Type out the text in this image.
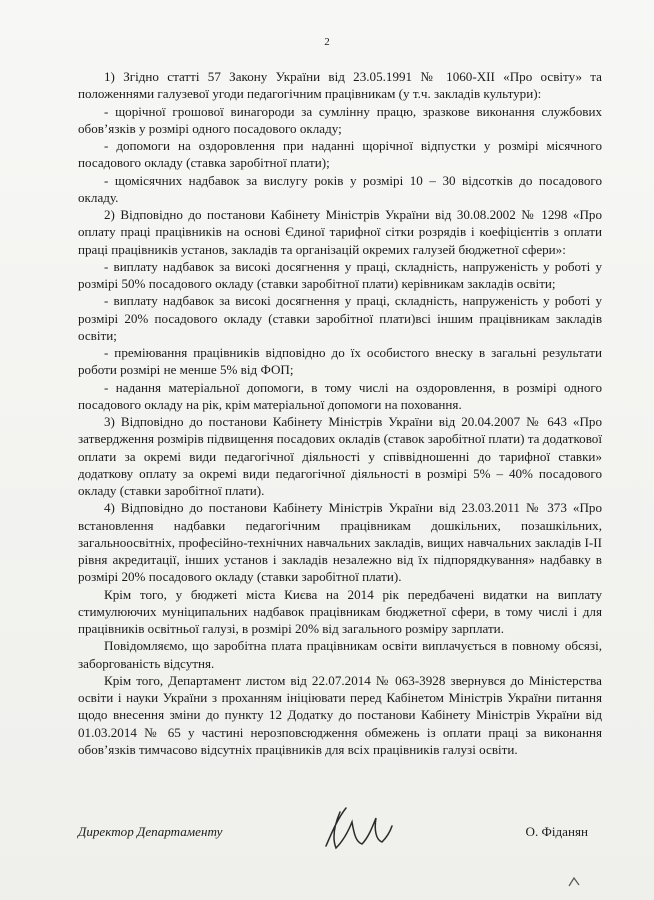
2

1) Згідно статті 57 Закону України від 23.05.1991 № 1060-ХІІ «Про освіту» та положеннями галузевої угоди педагогічним працівникам (у т.ч. закладів культури):

- щорічної грошової винагороди за сумлінну працю, зразкове виконання службових обов’язків у розмірі одного посадового окладу;

- допомоги на оздоровлення при наданні щорічної відпустки у розмірі місячного посадового окладу (ставка заробітної плати);

- щомісячних надбавок за вислугу років у розмірі 10 – 30 відсотків до посадового окладу.

2) Відповідно до постанови Кабінету Міністрів України від 30.08.2002 № 1298 «Про оплату праці працівників на основі Єдиної тарифної сітки розрядів і коефіцієнтів з оплати праці працівників установ, закладів та організацій окремих галузей бюджетної сфери»:

- виплату надбавок за високі досягнення у праці, складність, напруженість у роботі у розмірі 50% посадового окладу (ставки заробітної плати) керівникам закладів освіти;

- виплату надбавок за високі досягнення у праці, складність, напруженість у роботі у розмірі 20% посадового окладу (ставки заробітної плати)всі іншим працівникам закладів освіти;

- преміювання працівників відповідно до їх особистого внеску в загальні результати роботи розмірі не менше 5% від ФОП;

- надання матеріальної допомоги, в тому числі на оздоровлення, в розмірі одного посадового окладу на рік, крім матеріальної допомоги на поховання.

3) Відповідно до постанови Кабінету Міністрів України від 20.04.2007 № 643 «Про затвердження розмірів підвищення посадових окладів (ставок заробітної плати) та додаткової оплати за окремі види педагогічної діяльності у співвідношенні до тарифної ставки» додаткову оплату за окремі види педагогічної діяльності в розмірі 5% – 40% посадового окладу (ставки заробітної плати).

4) Відповідно до постанови Кабінету Міністрів України від 23.03.2011 № 373 «Про встановлення надбавки педагогічним працівникам дошкільних, позашкільних, загальноосвітніх, професійно-технічних навчальних закладів, вищих навчальних закладів І-ІІ рівня акредитації, інших установ і закладів незалежно від їх підпорядкування» надбавку в розмірі 20% посадового окладу (ставки заробітної плати).

Крім того, у бюджеті міста Києва на 2014 рік передбачені видатки на виплату стимулюючих муніципальних надбавок працівникам бюджетної сфери, в тому числі і для працівників освітньої галузі, в розмірі 20% від загального розміру зарплати.

Повідомляємо, що заробітна плата працівникам освіти виплачується в повному обсязі, заборгованість відсутня.

Крім того, Департамент листом від 22.07.2014 № 063-3928 звернувся до Міністерства освіти і науки України з проханням ініціювати перед Кабінетом Міністрів України питання щодо внесення зміни до пункту 12 Додатку до постанови Кабінету Міністрів України від 01.03.2014 № 65 у частині нерозповсюдження обмежень із оплати праці за виконання обов’язків тимчасово відсутніх працівників для всіх працівників галузі освіти.

Директор Департаменту	О. Фіданян
